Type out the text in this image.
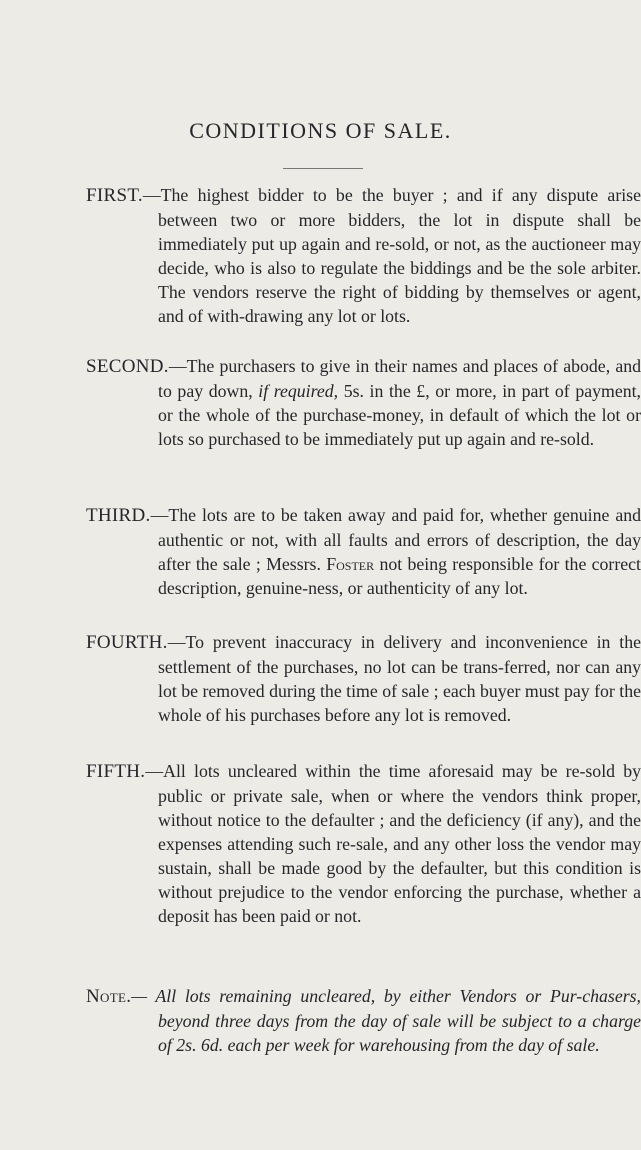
CONDITIONS OF SALE.

FIRST.—The highest bidder to be the buyer ; and if any dispute arise between two or more bidders, the lot in dispute shall be immediately put up again and re-sold, or not, as the auctioneer may decide, who is also to regulate the biddings and be the sole arbiter. The vendors reserve the right of bidding by themselves or agent, and of with-drawing any lot or lots.

SECOND.—The purchasers to give in their names and places of abode, and to pay down, if required, 5s. in the £, or more, in part of payment, or the whole of the purchase-money, in default of which the lot or lots so purchased to be immediately put up again and re-sold.

THIRD.—The lots are to be taken away and paid for, whether genuine and authentic or not, with all faults and errors of description, the day after the sale ; Messrs. Foster not being responsible for the correct description, genuine-ness, or authenticity of any lot.

FOURTH.—To prevent inaccuracy in delivery and inconvenience in the settlement of the purchases, no lot can be trans-ferred, nor can any lot be removed during the time of sale ; each buyer must pay for the whole of his purchases before any lot is removed.

FIFTH.—All lots uncleared within the time aforesaid may be re-sold by public or private sale, when or where the vendors think proper, without notice to the defaulter ; and the deficiency (if any), and the expenses attending such re-sale, and any other loss the vendor may sustain, shall be made good by the defaulter, but this condition is without prejudice to the vendor enforcing the purchase, whether a deposit has been paid or not.

Note.— All lots remaining uncleared, by either Vendors or Pur-chasers, beyond three days from the day of sale will be subject to a charge of 2s. 6d. each per week for warehousing from the day of sale.
